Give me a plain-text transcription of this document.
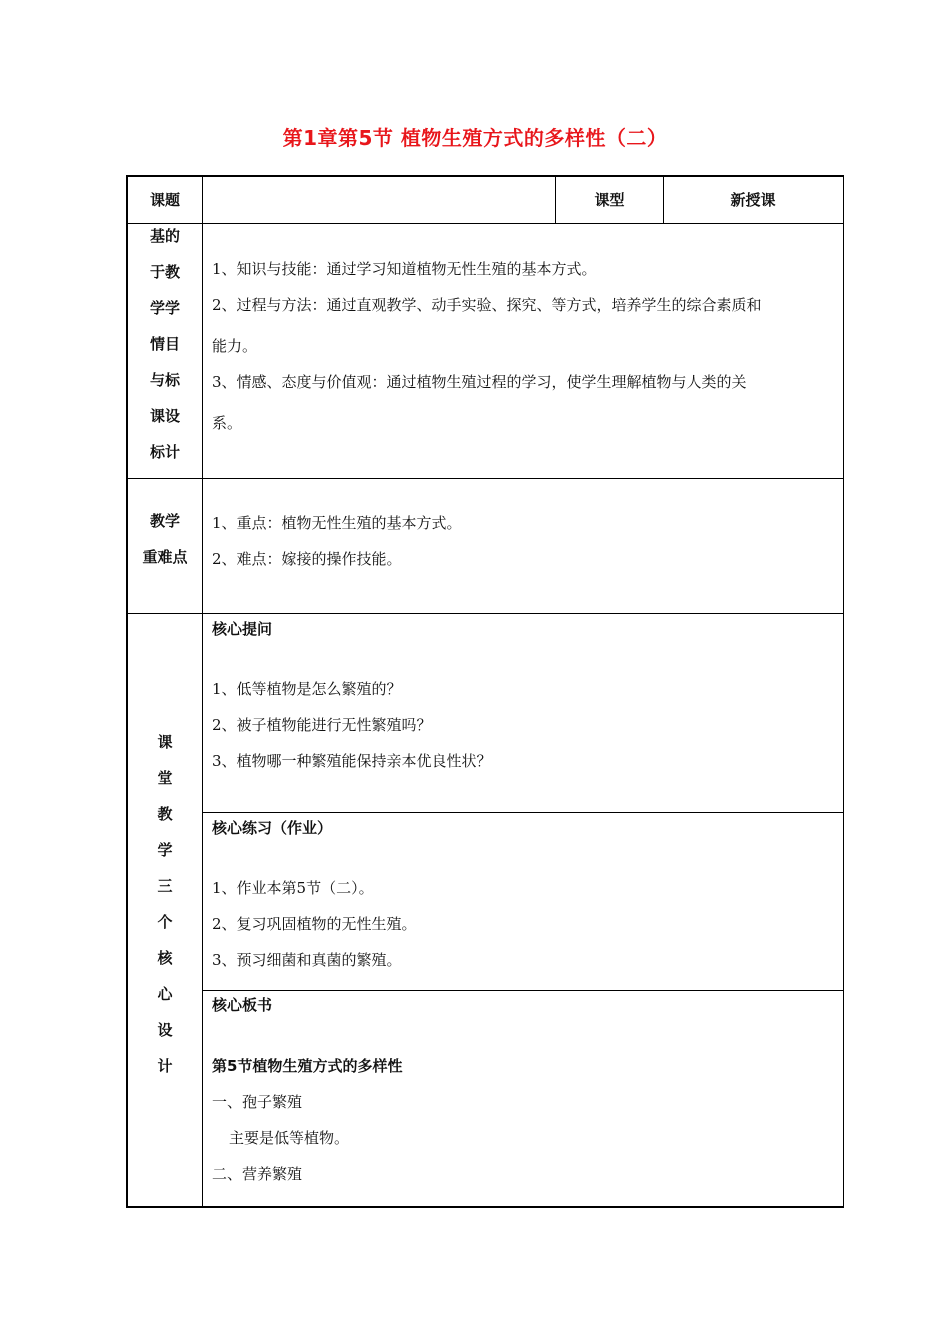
第1章第5节 植物生殖方式的多样性（二）
课题	课型	新授课
基的
于教
学学
情目
与标
课设
标计
1、知识与技能：通过学习知道植物无性生殖的基本方式。
2、过程与方法：通过直观教学、动手实验、探究、等方式，培养学生的综合素质和
能力。
3、情感、态度与价值观：通过植物生殖过程的学习，使学生理解植物与人类的关
系。
教学
重难点
1、重点：植物无性生殖的基本方式。
2、难点：嫁接的操作技能。
课
堂
教
学
三
个
核
心
设
计
核心提问
1、低等植物是怎么繁殖的？
2、被子植物能进行无性繁殖吗？
3、植物哪一种繁殖能保持亲本优良性状？
核心练习（作业）
1、作业本第5节（二）。
2、复习巩固植物的无性生殖。
3、预习细菌和真菌的繁殖。
核心板书
第5节植物生殖方式的多样性
一、孢子繁殖
主要是低等植物。
二、营养繁殖
